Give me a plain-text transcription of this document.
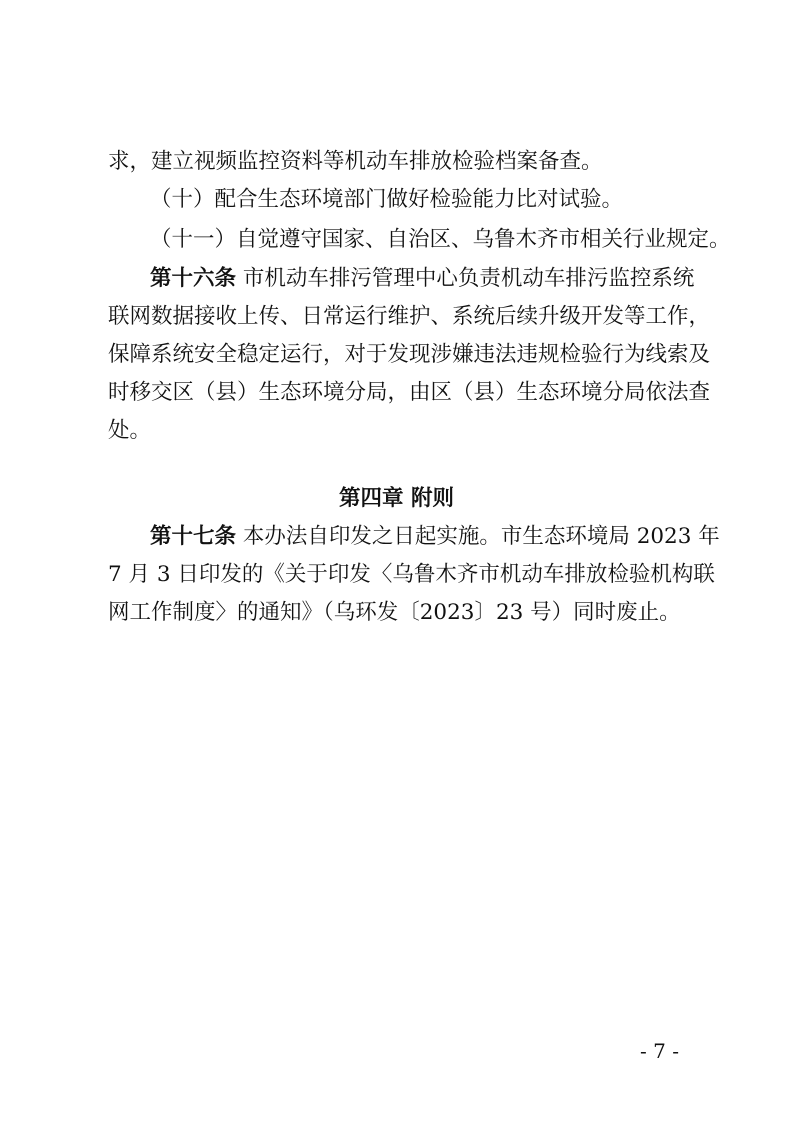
求，建立视频监控资料等机动车排放检验档案备查。
（十）配合生态环境部门做好检验能力比对试验。
（十一）自觉遵守国家、自治区、乌鲁木齐市相关行业规定。
第十六条 市机动车排污管理中心负责机动车排污监控系统
联网数据接收上传、日常运行维护、系统后续升级开发等工作，
保障系统安全稳定运行，对于发现涉嫌违法违规检验行为线索及
时移交区（县）生态环境分局，由区（县）生态环境分局依法查
处。
第四章 附则
第十七条 本办法自印发之日起实施。市生态环境局 2023 年
7 月 3 日印发的《关于印发〈乌鲁木齐市机动车排放检验机构联
网工作制度〉的通知》（乌环发〔2023〕23 号）同时废止。
- 7 -
